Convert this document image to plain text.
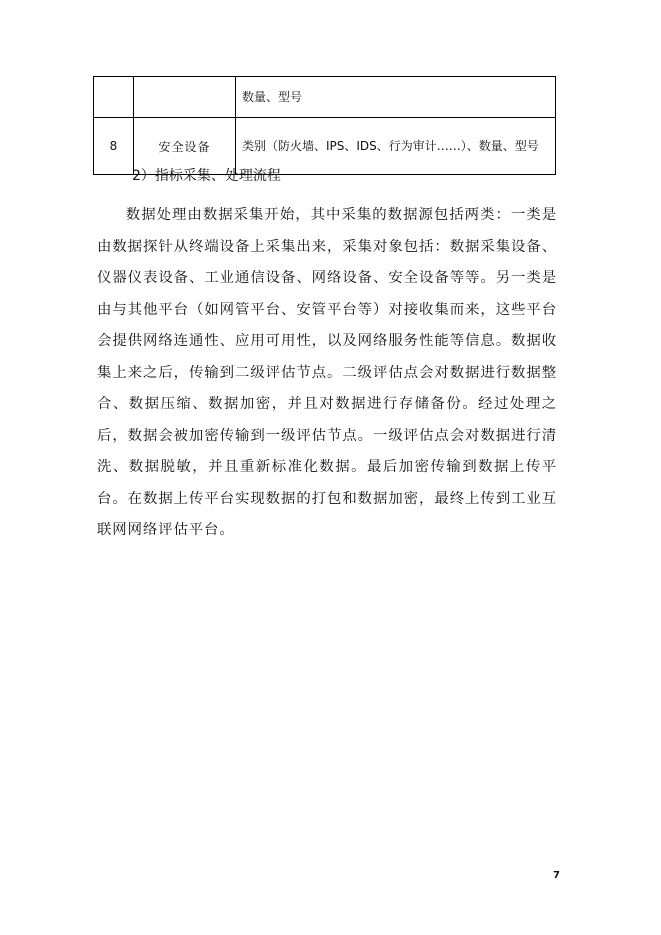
		数量、型号
8	安全设备	类别（防火墙、IPS、IDS、行为审计……）、数量、型号
2）指标采集、处理流程

数据处理由数据采集开始，其中采集的数据源包括两类：一类是由数据探针从终端设备上采集出来，采集对象包括：数据采集设备、仪器仪表设备、工业通信设备、网络设备、安全设备等等。另一类是由与其他平台（如网管平台、安管平台等）对接收集而来，这些平台会提供网络连通性、应用可用性，以及网络服务性能等信息。数据收集上来之后，传输到二级评估节点。二级评估点会对数据进行数据整合、数据压缩、数据加密，并且对数据进行存储备份。经过处理之后，数据会被加密传输到一级评估节点。一级评估点会对数据进行清洗、数据脱敏，并且重新标准化数据。最后加密传输到数据上传平台。在数据上传平台实现数据的打包和数据加密，最终上传到工业互联网网络评估平台。

7
